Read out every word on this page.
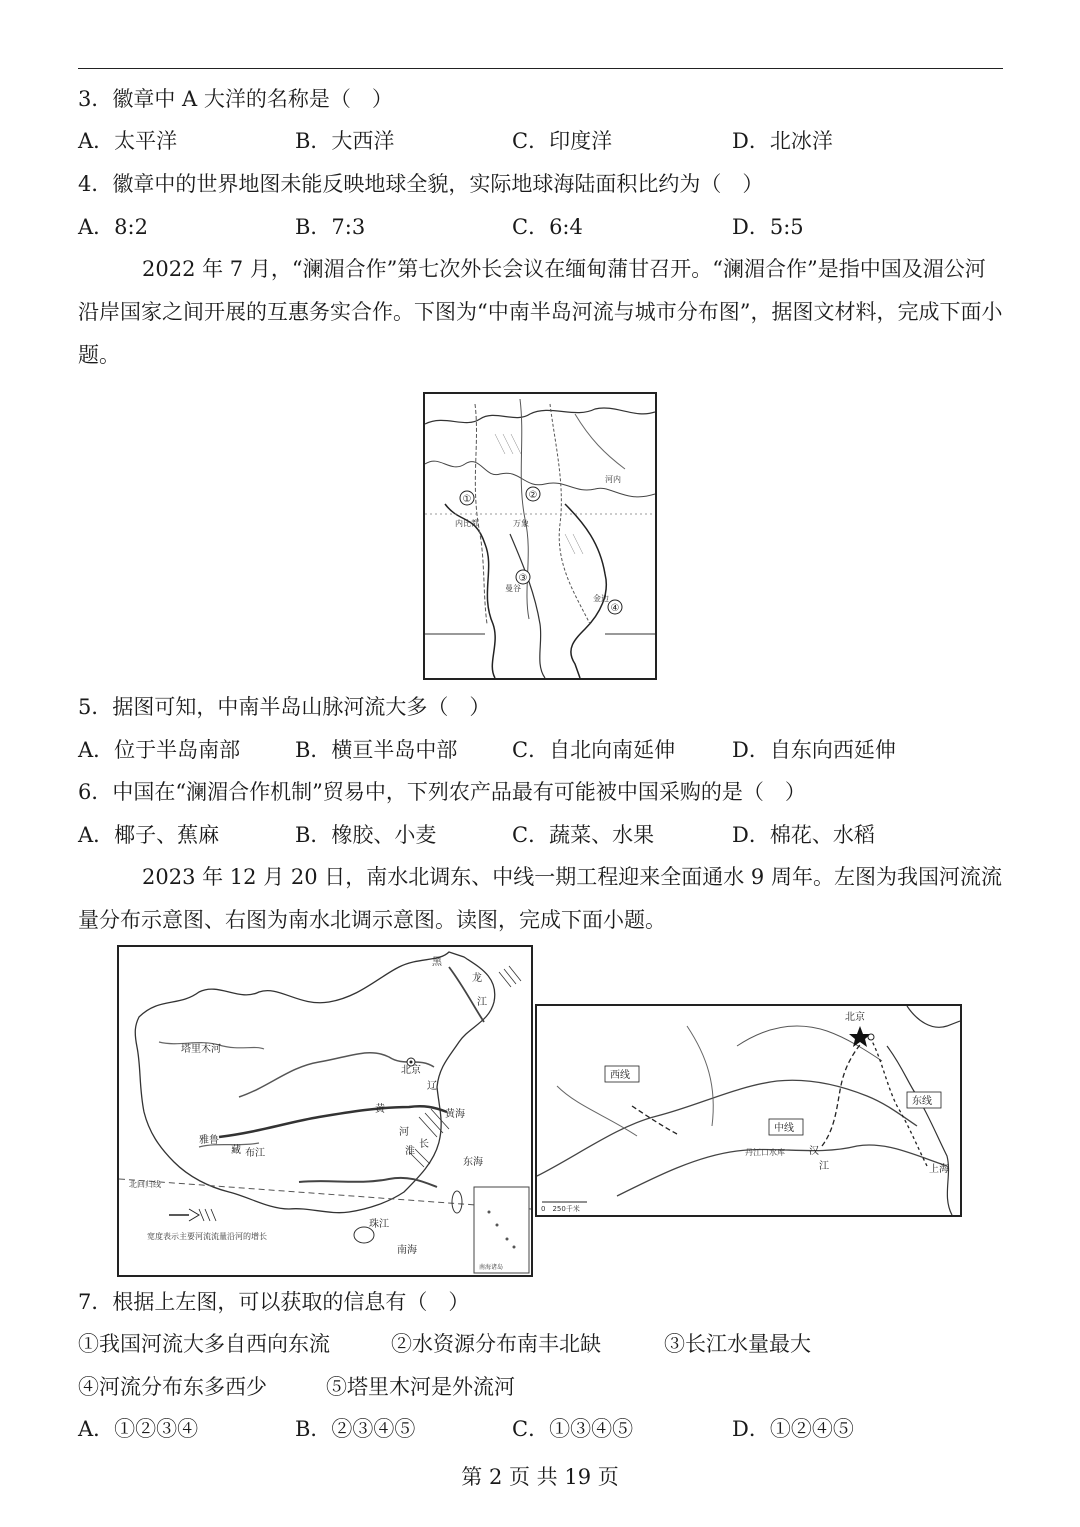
3．徽章中 A 大洋的名称是（　）
A．太平洋	B．大西洋	C．印度洋	D．北冰洋
4．徽章中的世界地图未能反映地球全貌，实际地球海陆面积比约为（　）
A．8:2	B．7:3	C．6:4	D．5:5
2022 年 7 月，“澜湄合作”第七次外长会议在缅甸蒲甘召开。“澜湄合作”是指中国及湄公河沿岸国家之间开展的互惠务实合作。下图为“中南半岛河流与城市分布图”，据图文材料，完成下面小题。
①	②
③
④
内比都
曼谷
万象
金边
河内
5．据图可知，中南半岛山脉河流大多（　）
A．位于半岛南部	B．横亘半岛中部	C．自北向南延伸	D．自东向西延伸
6．中国在“澜湄合作机制”贸易中，下列农产品最有可能被中国采购的是（　）
A．椰子、蕉麻	B．橡胶、小麦	C．蔬菜、水果	D．棉花、水稻
2023 年 12 月 20 日，南水北调东、中线一期工程迎来全面通水 9 周年。左图为我国河流流量分布示意图、右图为南水北调示意图。读图，完成下面小题。
黑
龙
江
塔里木河
北京
辽
黄
河
淮
黄海
雅鲁
藏 布江
长
东海
北回归线
珠江
南海
宽度表示主要河流流量沿河的增长
南海诸岛
北京
西线
中线
东线
丹江口水库 汉
江	上海
0　250千米
7．根据上左图，可以获取的信息有（　）
①我国河流大多自西向东流	②水资源分布南丰北缺	③长江水量最大
④河流分布东多西少	⑤塔里木河是外流河
A．①②③④	B．②③④⑤	C．①③④⑤	D．①②④⑤
第 2 页 共 19 页
